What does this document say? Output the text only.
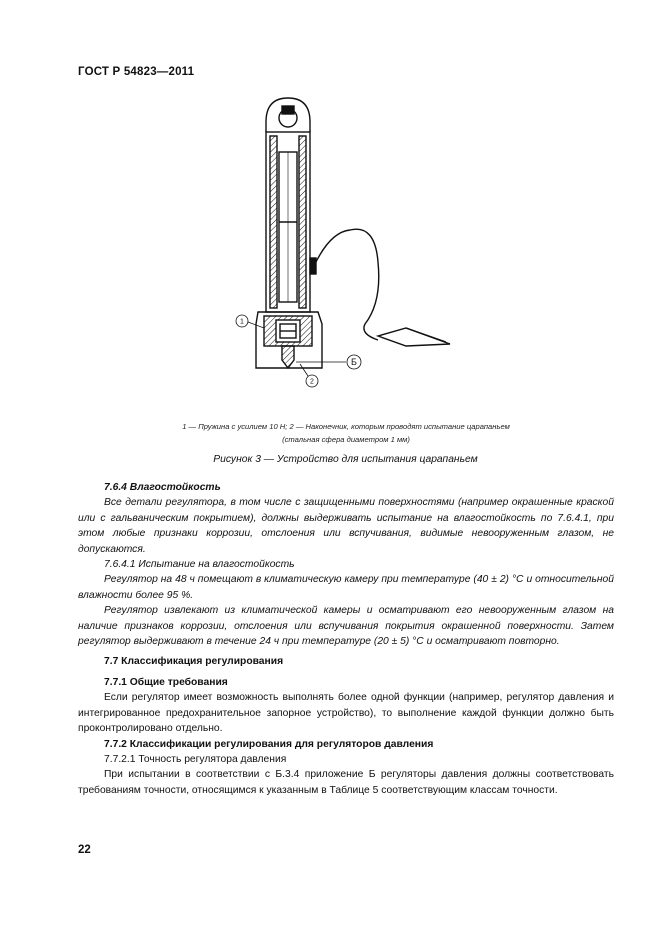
ГОСТ Р 54823—2011
1
2
Б
1 — Пружина с усилием 10 Н; 2 — Наконечник, которым проводят испытание царапаньем
(стальная сфера диаметром 1 мм)
Рисунок 3 — Устройство для испытания царапаньем

7.6.4 Влагостойкость

Все детали регулятора, в том числе с защищенными поверхностями (например окрашенные краской или с гальваническим покрытием), должны выдерживать испытание на влагостойкость по 7.6.4.1, при этом любые признаки коррозии, отслоения или вспучивания, видимые невооруженным глазом, не допускаются.

7.6.4.1 Испытание на влагостойкость

Регулятор на 48 ч помещают в климатическую камеру при температуре (40 ± 2) °С и относительной влажности более 95 %.

Регулятор извлекают из климатической камеры и осматривают его невооруженным глазом на наличие признаков коррозии, отслоения или вспучивания покрытия окрашенной поверхности. Затем регулятор выдерживают в течение 24 ч при температуре (20 ± 5) °С и осматривают повторно.

7.7 Классификация регулирования

7.7.1 Общие требования

Если регулятор имеет возможность выполнять более одной функции (например, регулятор давления и интегрированное предохранительное запорное устройство), то выполнение каждой функции должно быть проконтролировано отдельно.

7.7.2 Классификации регулирования для регуляторов давления

7.7.2.1 Точность регулятора давления

При испытании в соответствии с Б.3.4 приложение Б регуляторы давления должны соответствовать требованиям точности, относящимся к указанным в Таблице 5 соответствующим классам точности.

22
